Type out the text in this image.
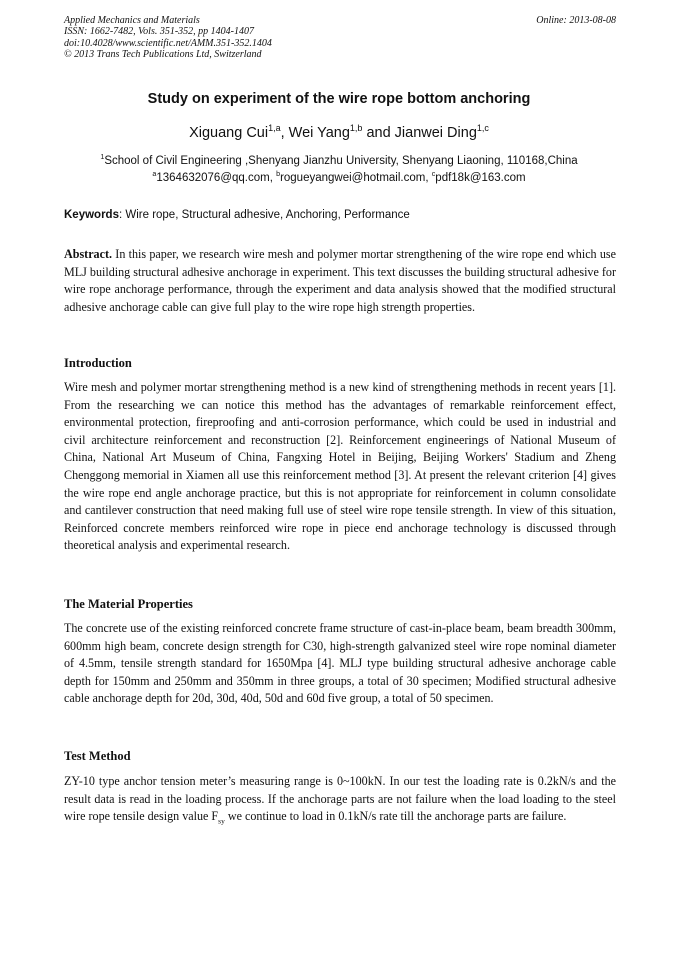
Applied Mechanics and Materials
ISSN: 1662-7482, Vols. 351-352, pp 1404-1407
doi:10.4028/www.scientific.net/AMM.351-352.1404
© 2013 Trans Tech Publications Ltd, Switzerland
Online: 2013-08-08
Study on experiment of the wire rope bottom anchoring
Xiguang Cui$^{1,a}$, Wei Yang$^{1,b}$ and Jianwei Ding$^{1,c}$
$^1$School of Civil Engineering ,Shenyang Jianzhu University, Shenyang Liaoning, 110168,China
$^a$1364632076@qq.com, $^b$rogueyangwei@hotmail.com, $^c$pdf18k@163.com
Keywords: Wire rope, Structural adhesive, Anchoring, Performance
Abstract. In this paper, we research wire mesh and polymer mortar strengthening of the wire rope end which use MLJ building structural adhesive anchorage in experiment. This text discusses the building structural adhesive for wire rope anchorage performance, through the experiment and data analysis showed that the modified structural adhesive anchorage cable can give full play to the wire rope high strength properties.
Introduction
Wire mesh and polymer mortar strengthening method is a new kind of strengthening methods in recent years [1]. From the researching we can notice this method has the advantages of remarkable reinforcement effect, environmental protection, fireproofing and anti-corrosion performance, which could be used in industrial and civil architecture reinforcement and reconstruction [2]. Reinforcement engineerings of National Museum of China, National Art Museum of China, Fangxing Hotel in Beijing, Beijing Workers' Stadium and Zheng Chenggong memorial in Xiamen all use this reinforcement method [3]. At present the relevant criterion [4] gives the wire rope end angle anchorage practice, but this is not appropriate for reinforcement in column consolidate and cantilever construction that need making full use of steel wire rope tensile strength. In view of this situation, Reinforced concrete members reinforced wire rope in piece end anchorage technology is discussed through theoretical analysis and experimental research.
The Material Properties
The concrete use of the existing reinforced concrete frame structure of cast-in-place beam, beam breadth 300mm, 600mm high beam, concrete design strength for C30, high-strength galvanized steel wire rope nominal diameter of 4.5mm, tensile strength standard for 1650Mpa [4]. MLJ type building structural adhesive anchorage cable depth for 150mm and 250mm and 350mm in three groups, a total of 30 specimen; Modified structural adhesive cable anchorage depth for 20d, 30d, 40d, 50d and 60d five group, a total of 50 specimen.
Test Method
ZY-10 type anchor tension meter’s measuring range is 0~100kN. In our test the loading rate is 0.2kN/s and the result data is read in the loading process. If the anchorage parts are not failure when the load loading to the steel wire rope tensile design value $F_{sy}$ we continue to load in 0.1kN/s rate till the anchorage parts are failure.
